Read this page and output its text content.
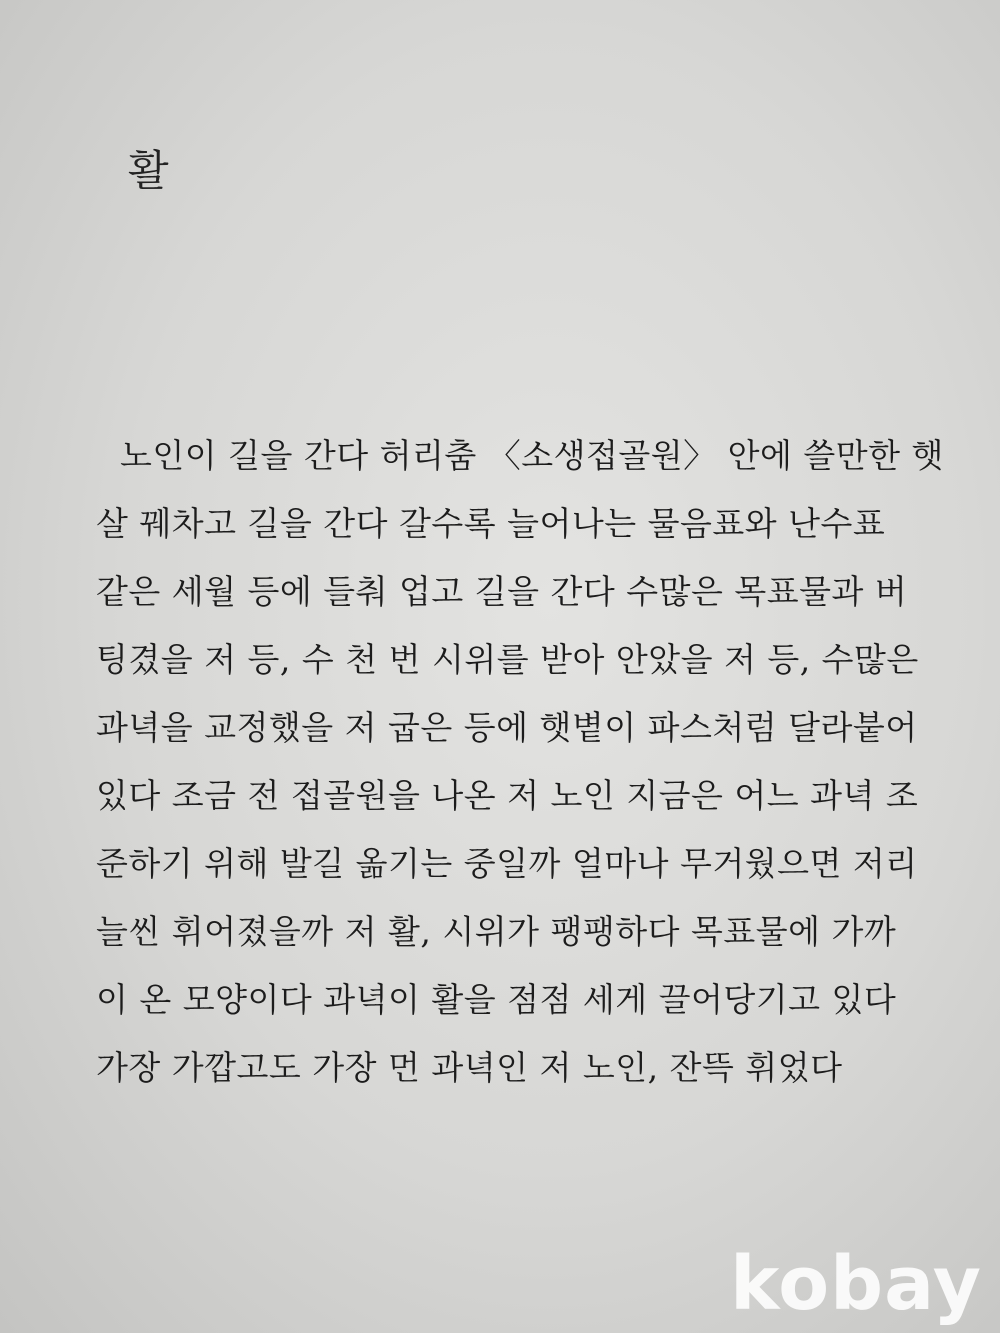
활
노인이 길을 간다 허리춤 〈소생접골원〉 안에 쓸만한 햇
살 꿰차고 길을 간다 갈수록 늘어나는 물음표와 난수표
같은 세월 등에 들춰 업고 길을 간다 수많은 목표물과 버
팅겼을 저 등, 수 천 번 시위를 받아 안았을 저 등, 수많은
과녁을 교정했을 저 굽은 등에 햇볕이 파스처럼 달라붙어
있다 조금 전 접골원을 나온 저 노인 지금은 어느 과녁 조
준하기 위해 발길 옮기는 중일까 얼마나 무거웠으면 저리
늘씬 휘어졌을까 저 활, 시위가 팽팽하다 목표물에 가까
이 온 모양이다 과녁이 활을 점점 세게 끌어당기고 있다
가장 가깝고도 가장 먼 과녁인 저 노인, 잔뜩 휘었다
kobay
